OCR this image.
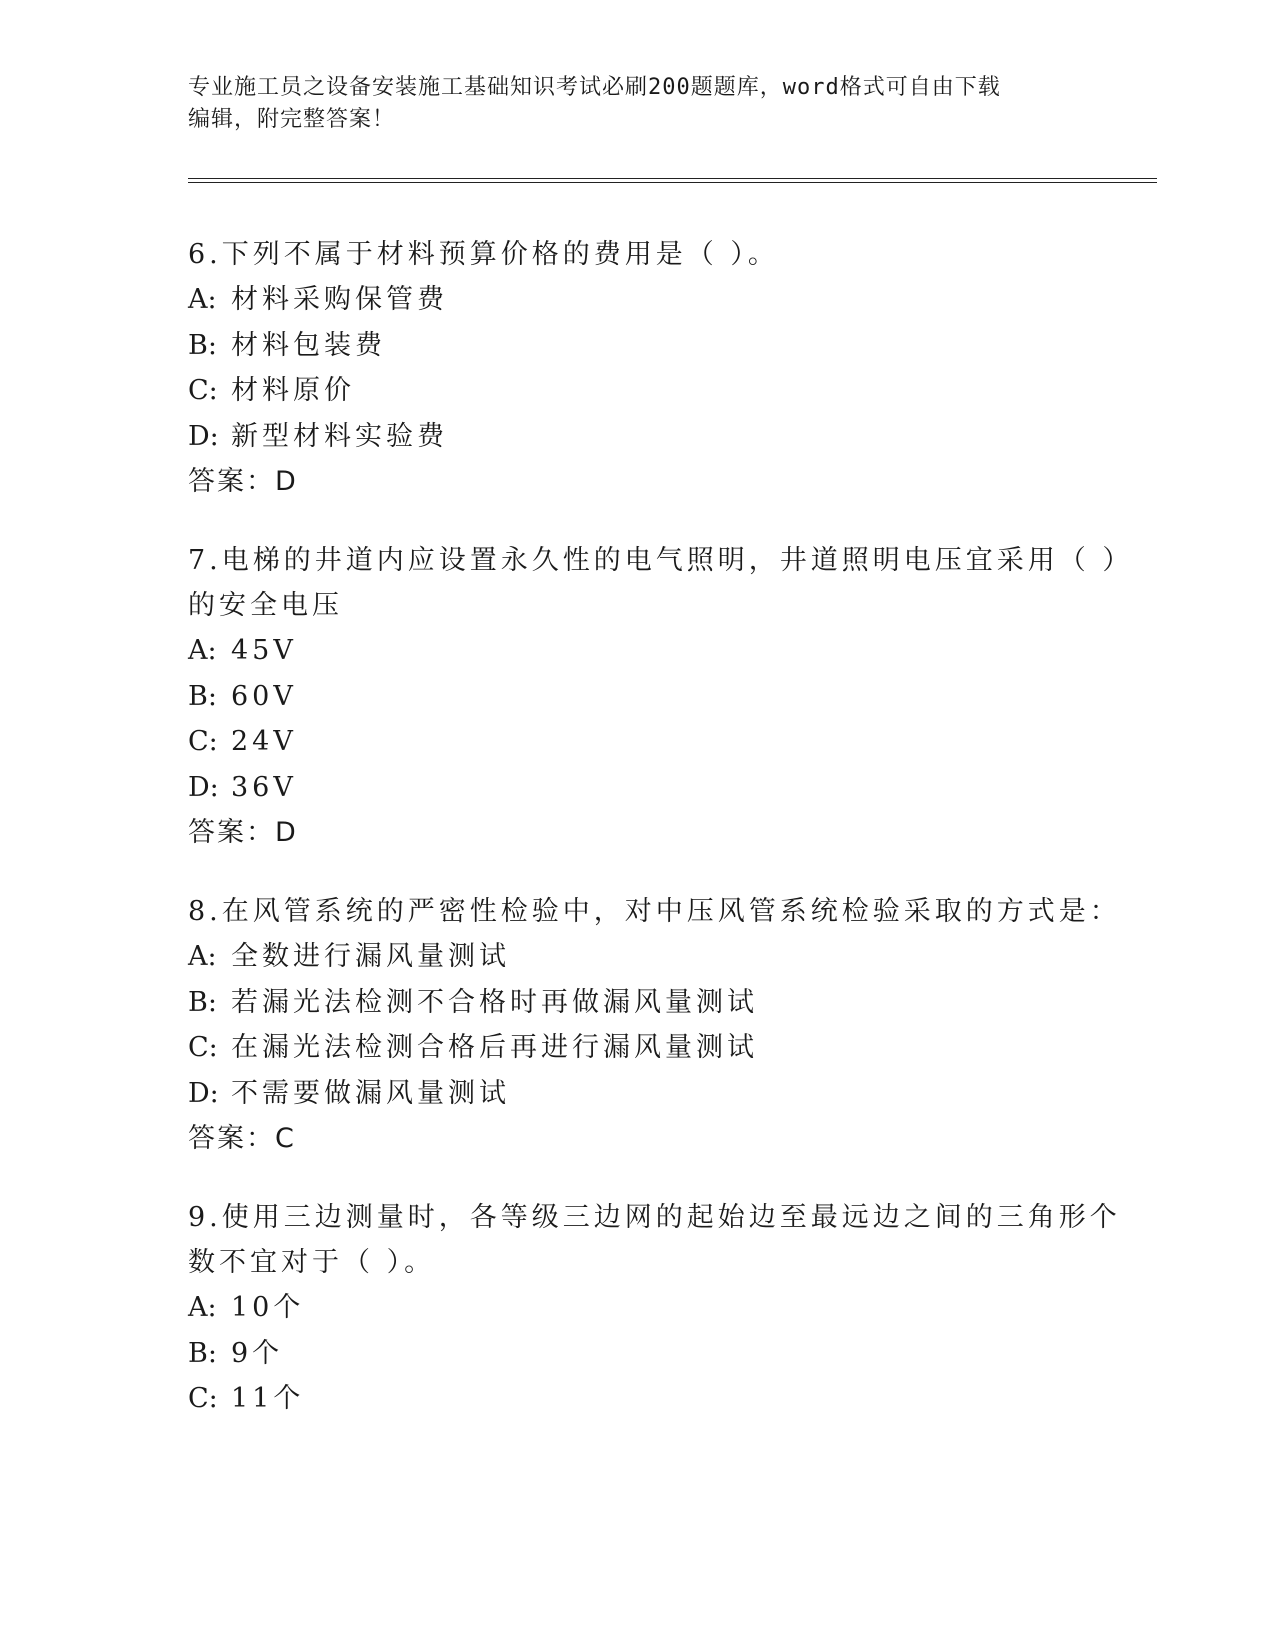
专业施工员之设备安装施工基础知识考试必刷200题题库，word格式可自由下载
编辑，附完整答案！
6.下列不属于材料预算价格的费用是（ ）。
A: 材料采购保管费
B: 材料包装费
C: 材料原价
D: 新型材料实验费
答案：D
7.电梯的井道内应设置永久性的电气照明，井道照明电压宜采用（ ）
的安全电压
A: 45V
B: 60V
C: 24V
D: 36V
答案：D
8.在风管系统的严密性检验中，对中压风管系统检验采取的方式是：
A: 全数进行漏风量测试
B: 若漏光法检测不合格时再做漏风量测试
C: 在漏光法检测合格后再进行漏风量测试
D: 不需要做漏风量测试
答案：C
9.使用三边测量时，各等级三边网的起始边至最远边之间的三角形个
数不宜对于（ ）。
A: 10个
B: 9个
C: 11个
